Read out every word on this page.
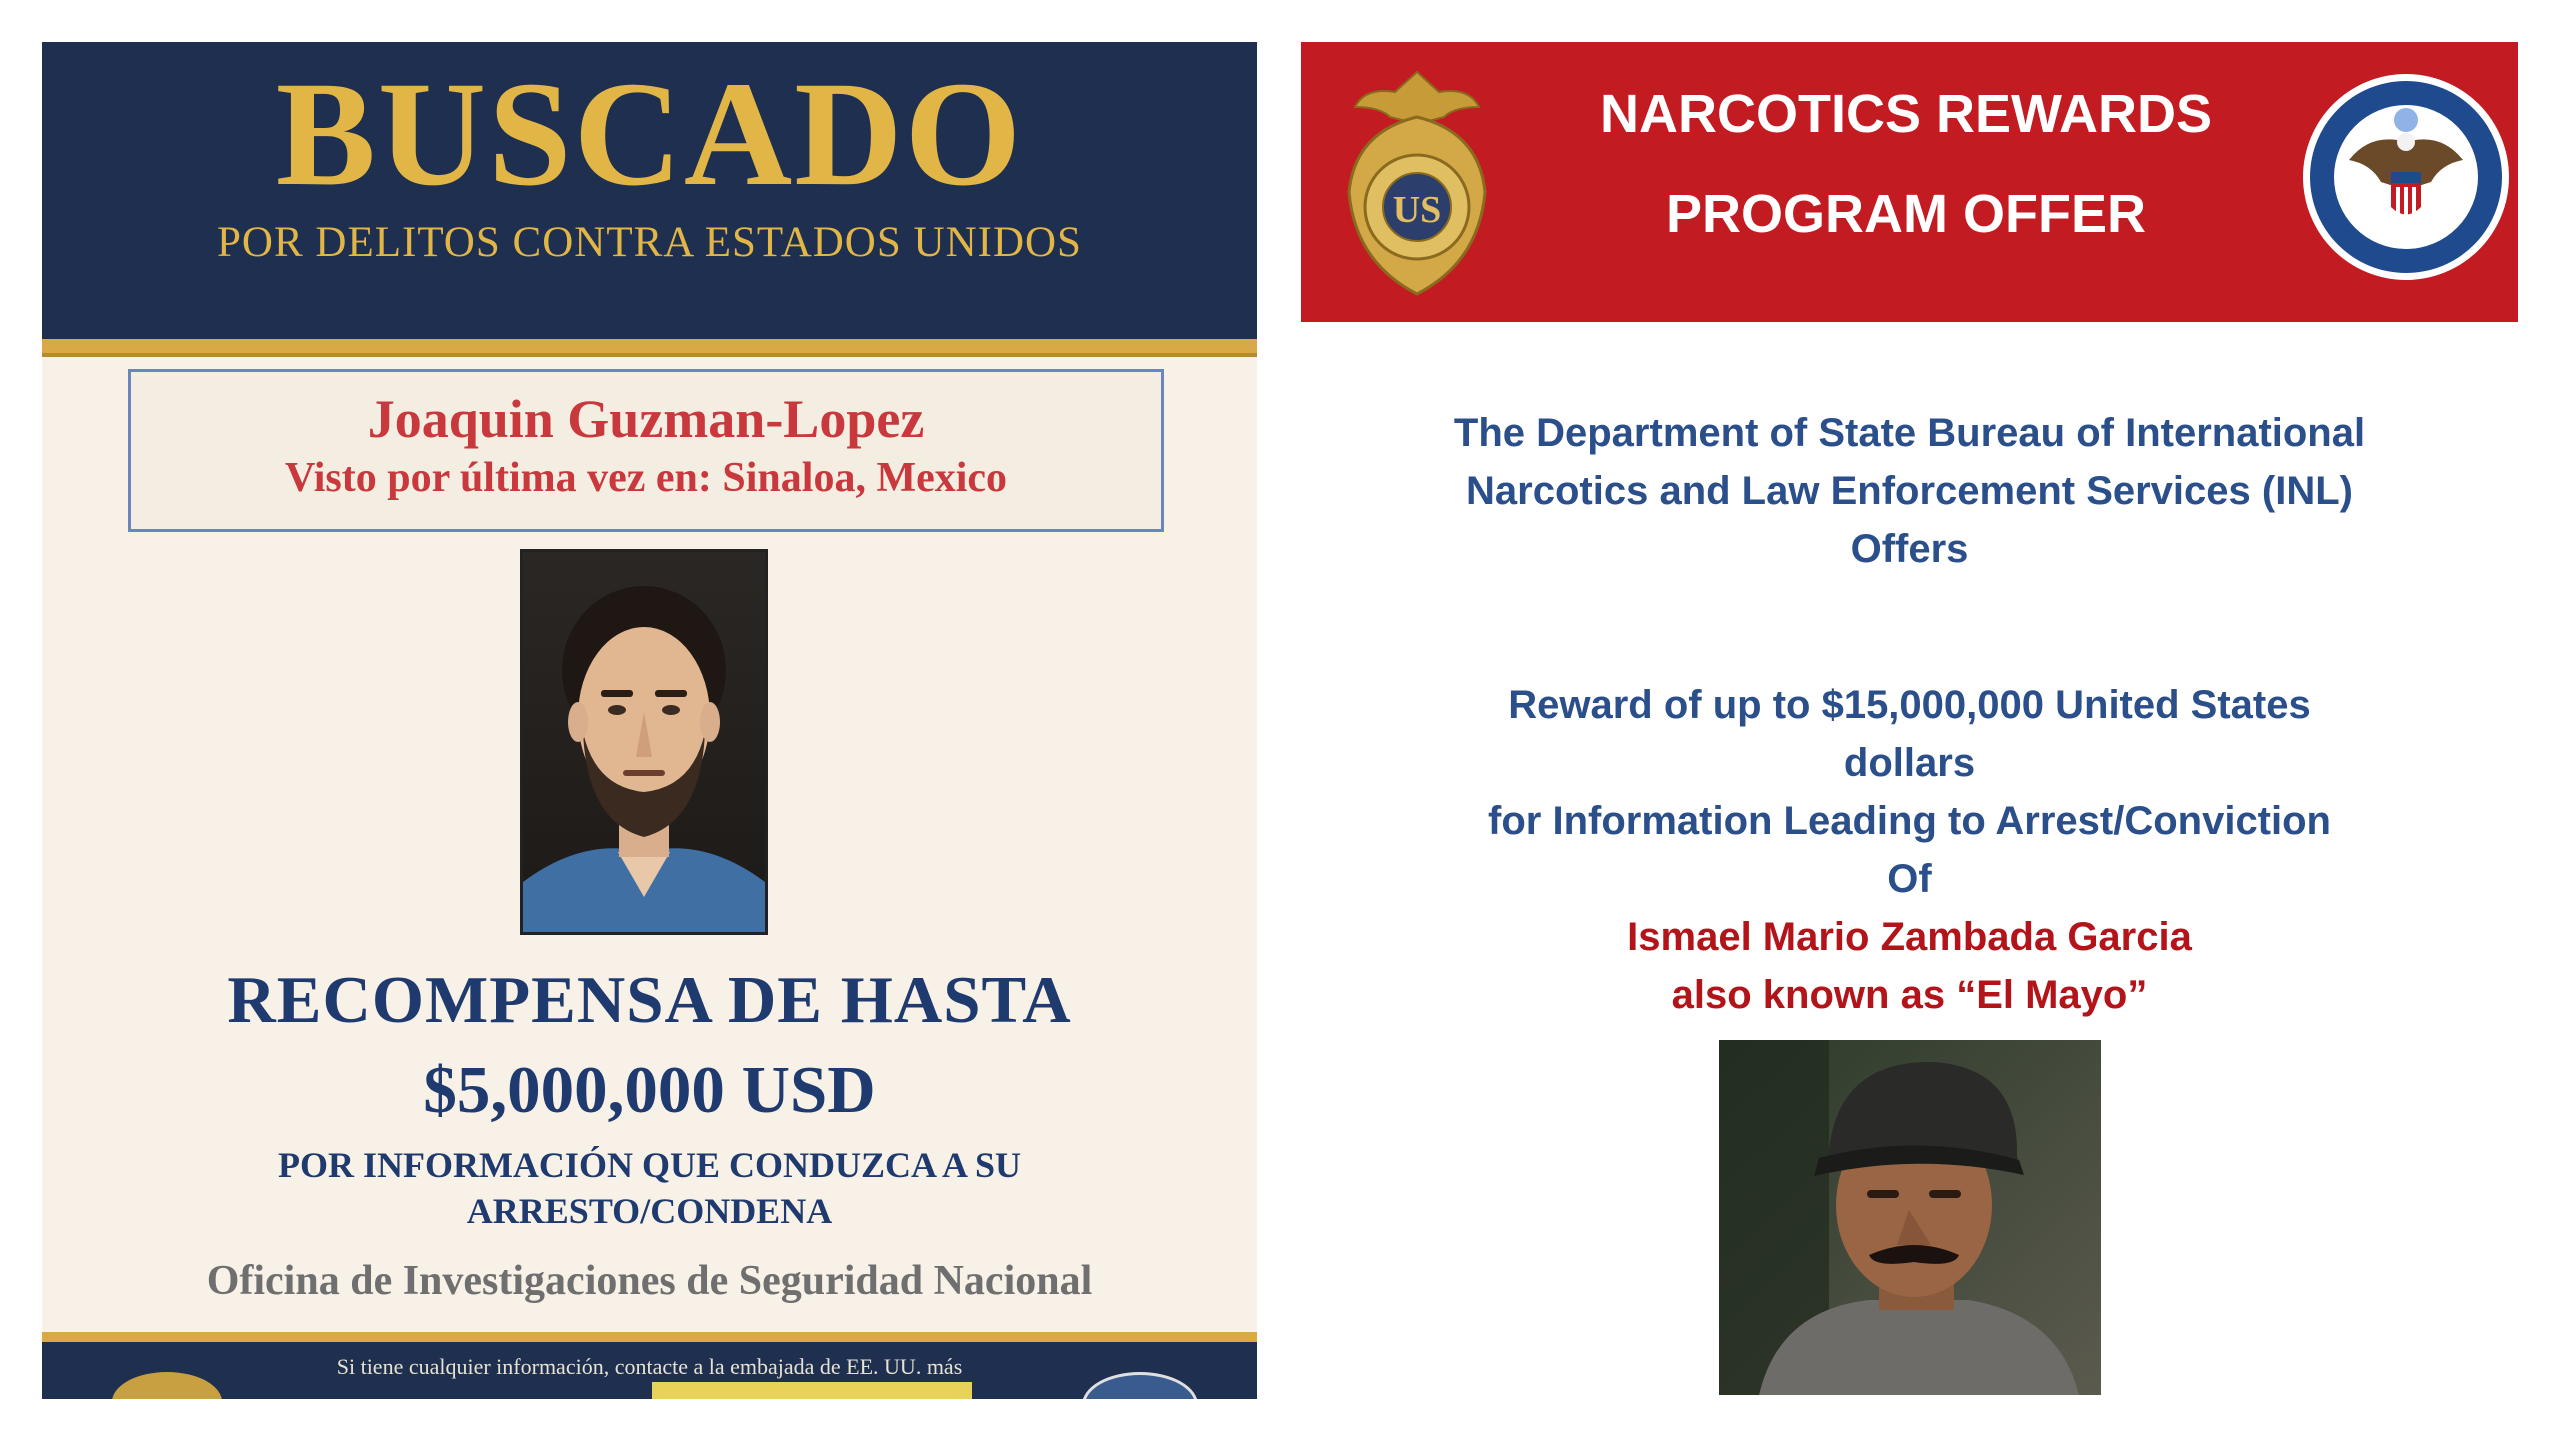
BUSCADO
POR DELITOS CONTRA ESTADOS UNIDOS
Joaquin Guzman-Lopez
Visto por última vez en: Sinaloa, Mexico
RECOMPENSA DE HASTA
$5,000,000 USD
POR INFORMACIÓN QUE CONDUZCA A SU
ARRESTO/CONDENA
Oficina de Investigaciones de Seguridad Nacional
Si tiene cualquier información, contacte a la embajada de EE. UU. más
US
NARCOTICS REWARDS
PROGRAM OFFER
The Department of State Bureau of International
Narcotics and Law Enforcement Services (INL)
Offers
Reward of up to $15,000,000 United States
dollars
for Information Leading to Arrest/Conviction
Of
Ismael Mario Zambada Garcia
also known as “El Mayo”
